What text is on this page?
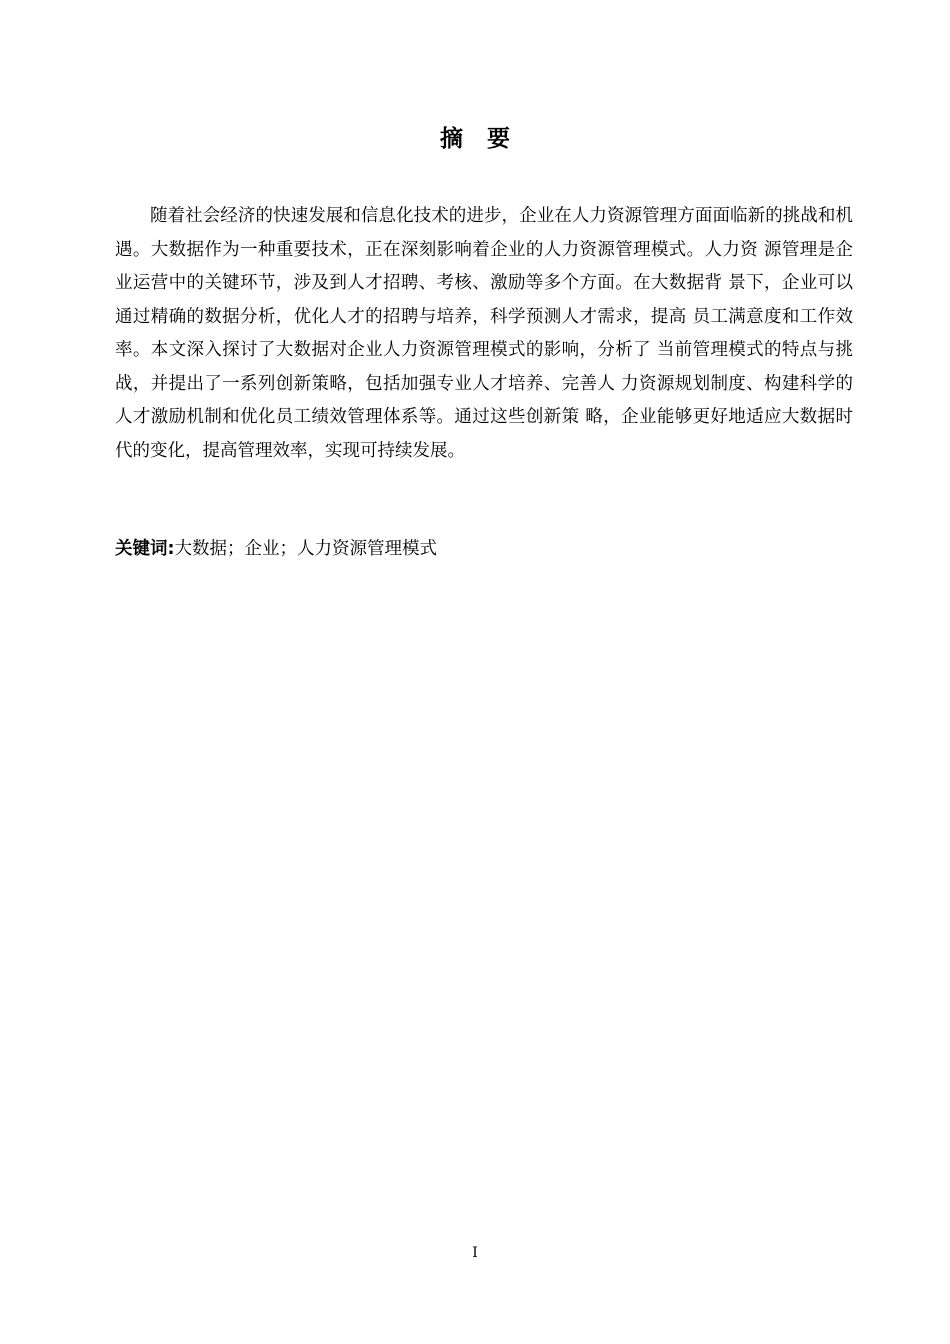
摘要

随着社会经济的快速发展和信息化技术的进步，企业在人力资源管理方面面临新的挑战和机遇。大数据作为一种重要技术，正在深刻影响着企业的人力资源管理模式。人力资 源管理是企业运营中的关键环节，涉及到人才招聘、考核、激励等多个方面。在大数据背 景下，企业可以通过精确的数据分析，优化人才的招聘与培养，科学预测人才需求，提高 员工满意度和工作效率。本文深入探讨了大数据对企业人力资源管理模式的影响，分析了 当前管理模式的特点与挑战，并提出了一系列创新策略，包括加强专业人才培养、完善人 力资源规划制度、构建科学的人才激励机制和优化员工绩效管理体系等。通过这些创新策 略，企业能够更好地适应大数据时代的变化，提高管理效率，实现可持续发展。

关键词:大数据；企业；人力资源管理模式
I
